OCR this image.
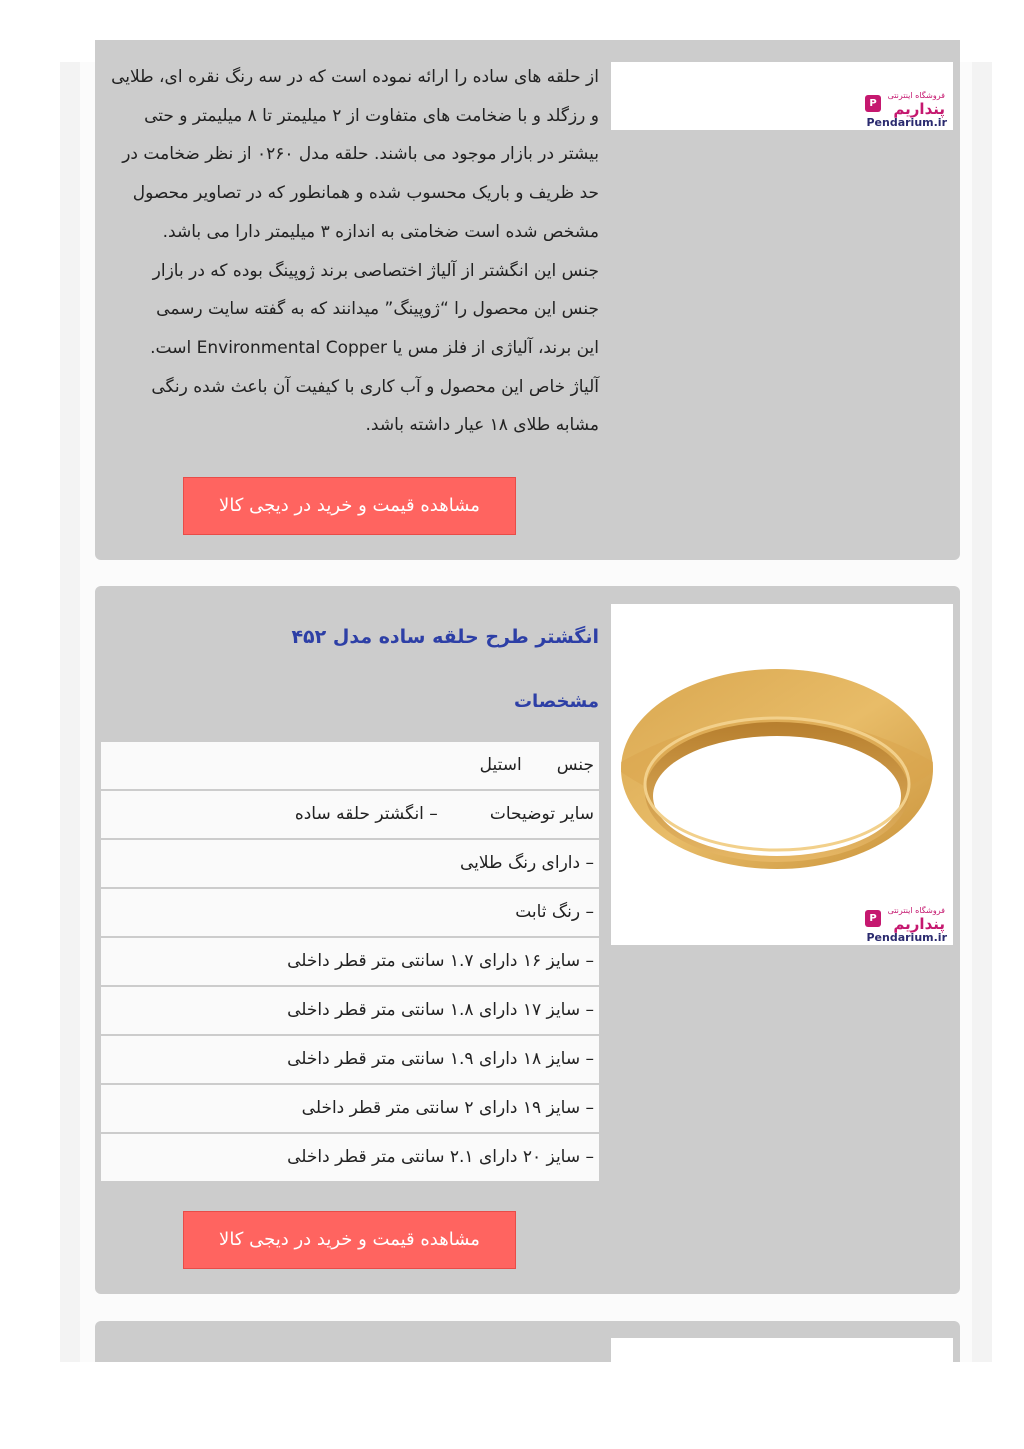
P
فروشگاه اینترنتی
پنداریم
Pendarium.ir
از حلقه های ساده را ارائه نموده است که در سه رنگ نقره ای، طلایی
و رزگلد و با ضخامت های متفاوت از ۲ میلیمتر تا ۸ میلیمتر و حتی
بیشتر در بازار موجود می باشند. حلقه مدل ۰۲۶۰ از نظر ضخامت در
حد ظریف و باریک محسوب شده و همانطور که در تصاویر محصول
مشخص شده است ضخامتی به اندازه ۳ میلیمتر دارا می باشد.
جنس این انگشتر از آلیاژ اختصاصی برند ژوپینگ بوده که در بازار
جنس این محصول را “ژوپینگ” میدانند که به گفته سایت رسمی
این برند، آلیاژی از فلز مس یا Environmental Copper است.
آلیاژ خاص این محصول و آب کاری با کیفیت آن باعث شده رنگی
مشابه طلای ۱۸ عیار داشته باشد.
مشاهده قیمت و خرید در دیجی کالا
P
فروشگاه اینترنتی
پنداریم
Pendarium.ir
انگشتر طرح حلقه ساده مدل ۴۵۲
مشخصات
جنساستیل
سایر توضیحات– انگشتر حلقه ساده
– دارای رنگ طلایی
– رنگ ثابت
– سایز ۱۶ دارای ۱.۷ سانتی متر قطر داخلی
– سایز ۱۷ دارای ۱.۸ سانتی متر قطر داخلی
– سایز ۱۸ دارای ۱.۹ سانتی متر قطر داخلی
– سایز ۱۹ دارای ۲ سانتی متر قطر داخلی
– سایز ۲۰ دارای ۲.۱ سانتی متر قطر داخلی
مشاهده قیمت و خرید در دیجی کالا
